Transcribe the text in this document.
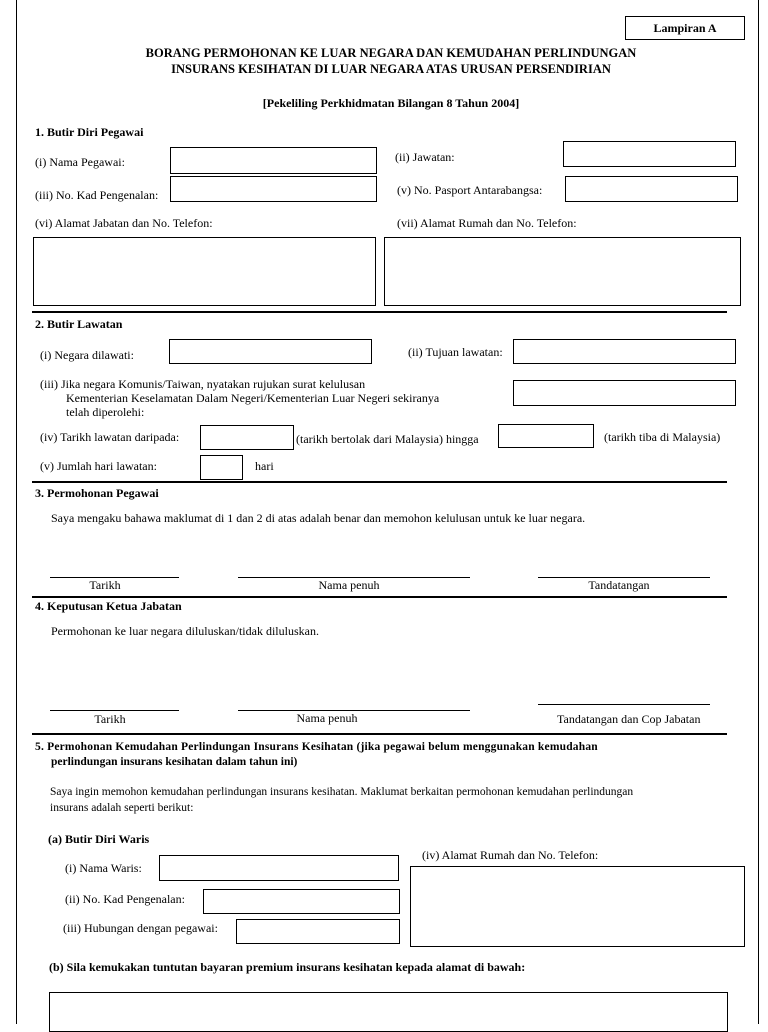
Lampiran A
BORANG PERMOHONAN KE LUAR NEGARA DAN KEMUDAHAN PERLINDUNGAN
INSURANS KESIHATAN DI LUAR NEGARA ATAS URUSAN PERSENDIRIAN
[Pekeliling Perkhidmatan Bilangan 8 Tahun 2004]
1. Butir Diri Pegawai
(i) Nama Pegawai:	(ii) Jawatan:
(iii) No. Kad Pengenalan:	(v) No. Pasport Antarabangsa:
(vi) Alamat Jabatan dan No. Telefon:	(vii) Alamat Rumah dan No. Telefon:
2. Butir Lawatan
(i) Negara dilawati:	(ii) Tujuan lawatan:
(iii) Jika negara Komunis/Taiwan, nyatakan rujukan surat kelulusan
Kementerian Keselamatan Dalam Negeri/Kementerian Luar Negeri sekiranya
telah diperolehi:
(iv) Tarikh lawatan daripada:	(tarikh bertolak dari Malaysia) hingga	(tarikh tiba di Malaysia)
(v) Jumlah hari lawatan:	hari
3. Permohonan Pegawai
Saya mengaku bahawa maklumat di 1 dan 2 di atas adalah benar dan memohon kelulusan untuk ke luar negara.
Tarikh	Nama penuh	Tandatangan
4. Keputusan Ketua Jabatan
Permohonan ke luar negara diluluskan/tidak diluluskan.
Tarikh	Nama penuh	Tandatangan dan Cop Jabatan
5. Permohonan Kemudahan Perlindungan Insurans Kesihatan (jika pegawai belum menggunakan kemudahan
perlindungan insurans kesihatan dalam tahun ini)
Saya ingin memohon kemudahan perlindungan insurans kesihatan. Maklumat berkaitan permohonan kemudahan perlindungan
insurans adalah seperti berikut:
(a) Butir Diri Waris
(i) Nama Waris:
(iv) Alamat Rumah dan No. Telefon:
(ii) No. Kad Pengenalan:
(iii) Hubungan dengan pegawai:
(b) Sila kemukakan tuntutan bayaran premium insurans kesihatan kepada alamat di bawah:
